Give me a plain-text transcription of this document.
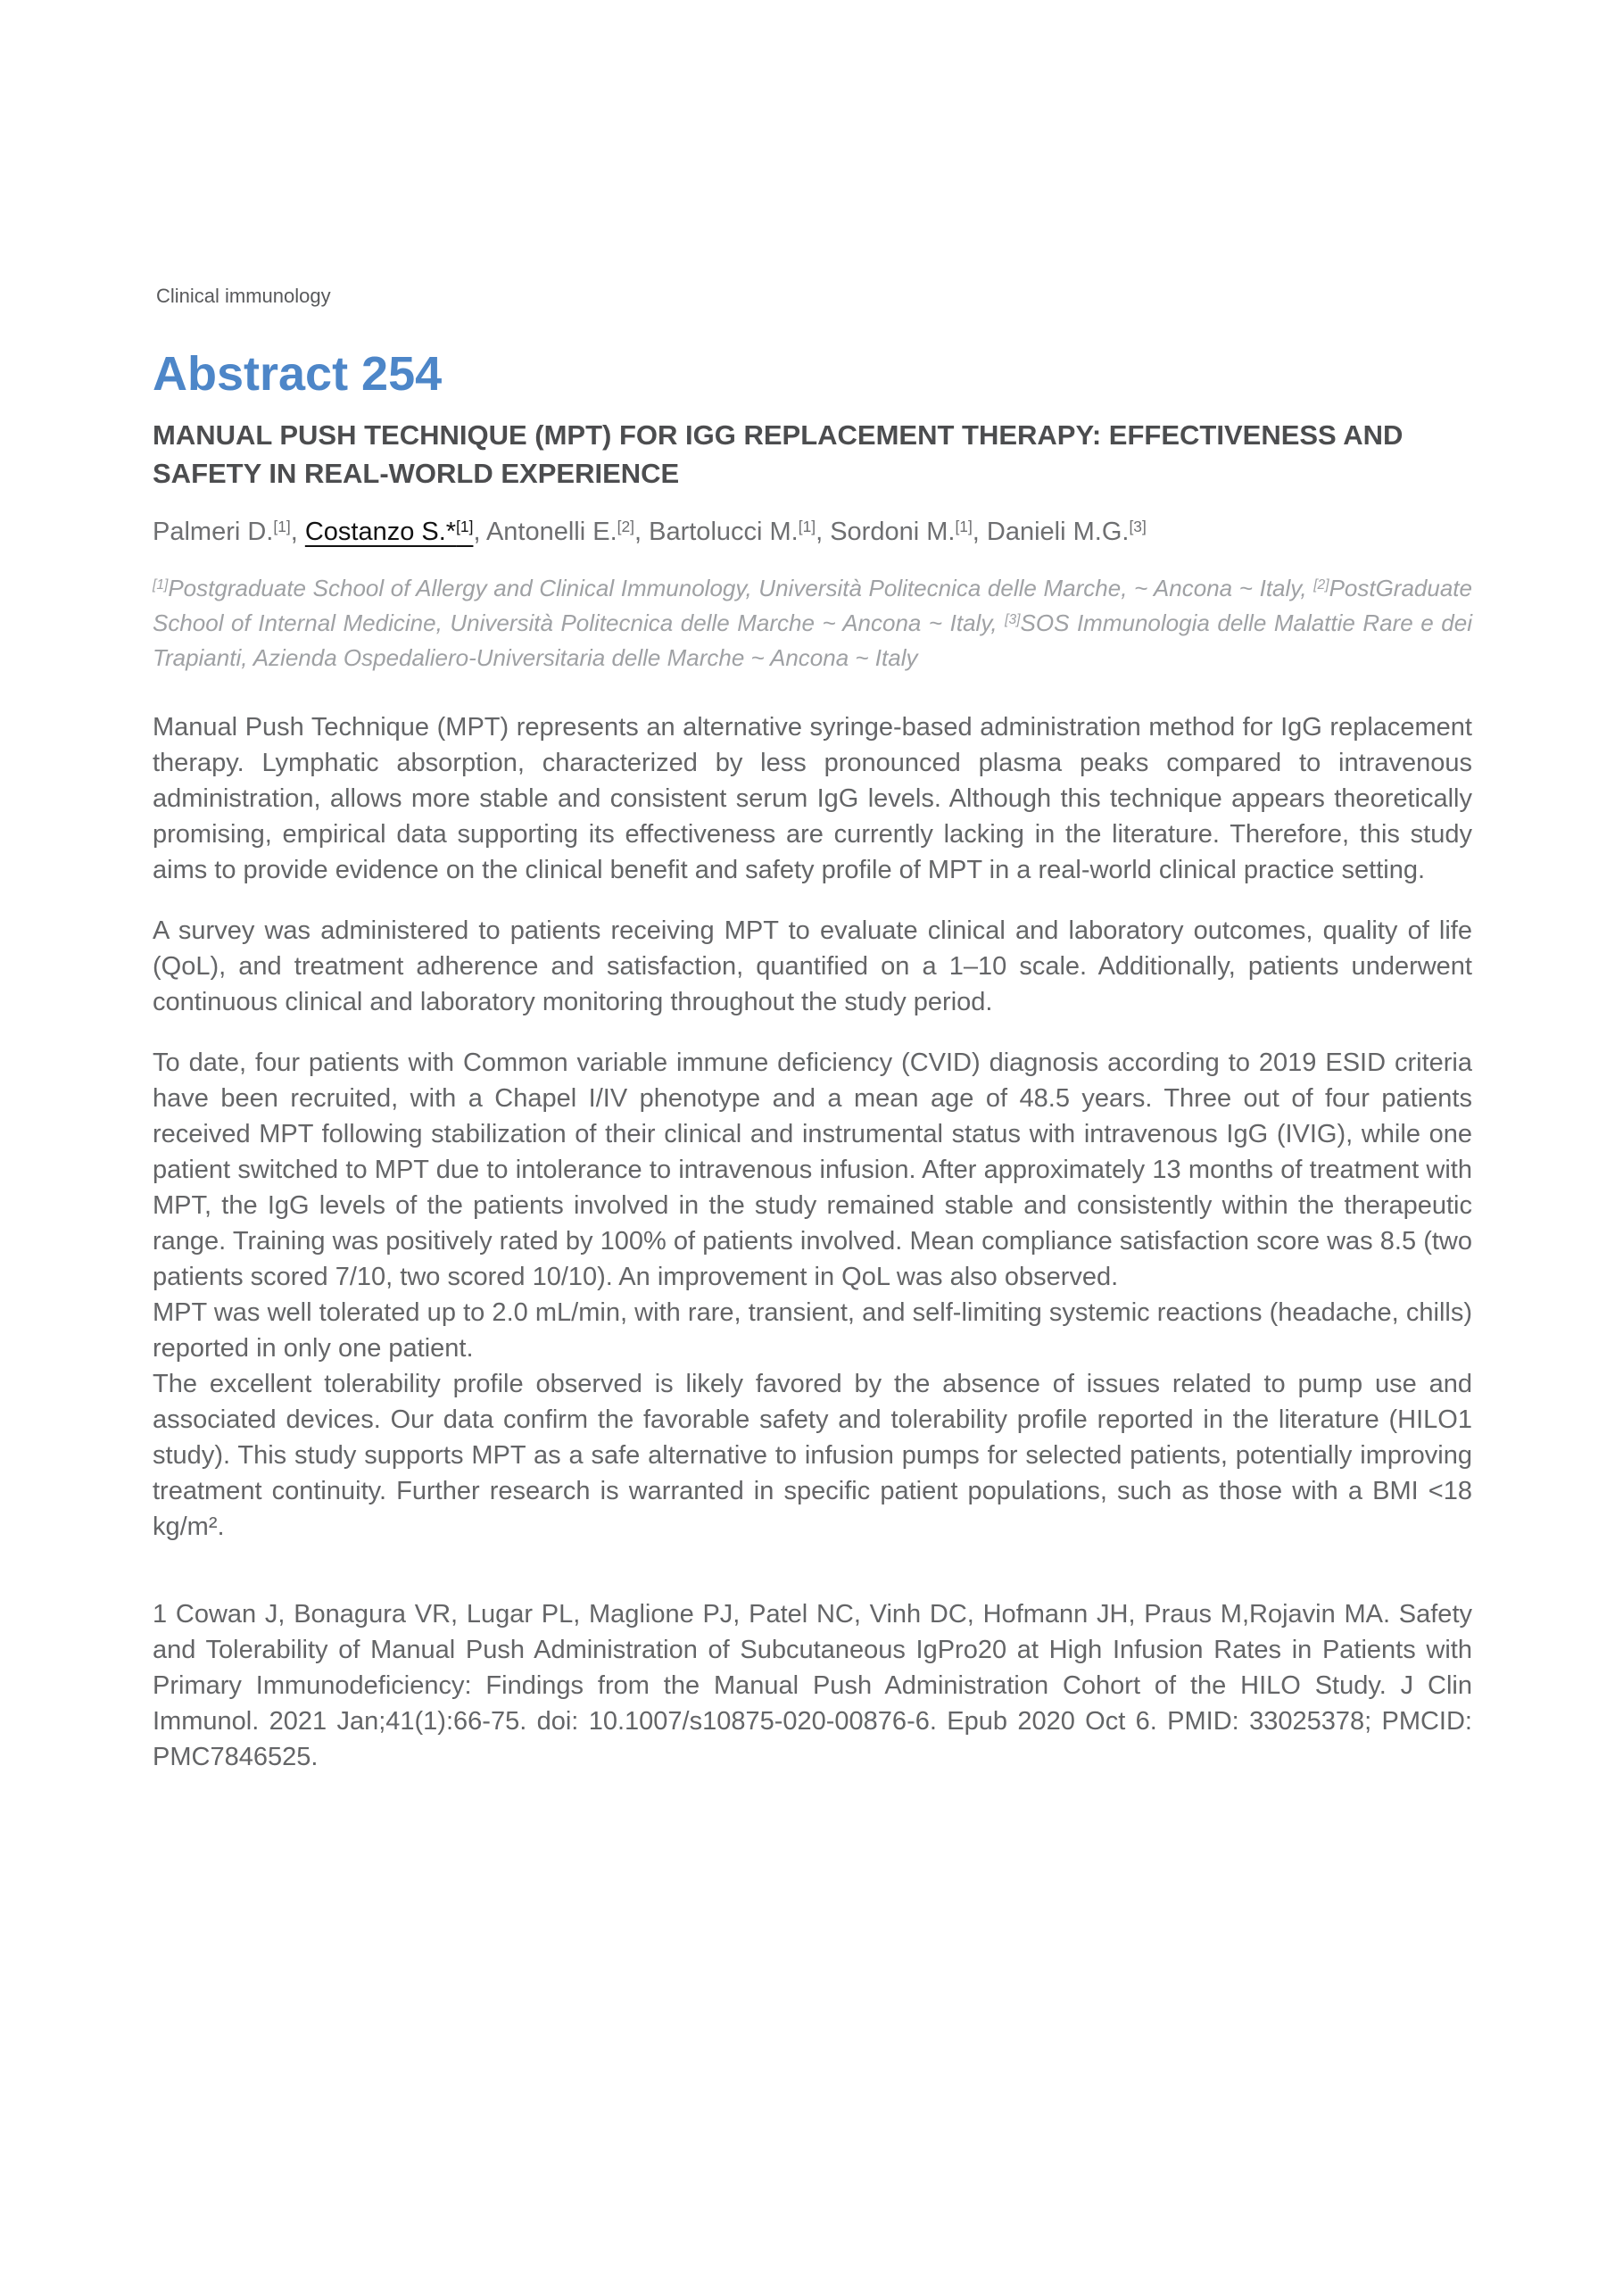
Clinical immunology
Abstract 254
MANUAL PUSH TECHNIQUE (MPT) FOR IGG REPLACEMENT THERAPY: EFFECTIVENESS AND SAFETY IN REAL-WORLD EXPERIENCE
Palmeri D.[1], Costanzo S.*[1], Antonelli E.[2], Bartolucci M.[1], Sordoni M.[1], Danieli M.G.[3]

[1]Postgraduate School of Allergy and Clinical Immunology, Università Politecnica delle Marche, ~ Ancona ~ Italy, [2]PostGraduate School of Internal Medicine, Università Politecnica delle Marche ~ Ancona ~ Italy, [3]SOS Immunologia delle Malattie Rare e dei Trapianti, Azienda Ospedaliero-Universitaria delle Marche ~ Ancona ~ Italy

Manual Push Technique (MPT) represents an alternative syringe-based administration method for IgG replacement therapy. Lymphatic absorption, characterized by less pronounced plasma peaks compared to intravenous administration, allows more stable and consistent serum IgG levels. Although this technique appears theoretically promising, empirical data supporting its effectiveness are currently lacking in the literature. Therefore, this study aims to provide evidence on the clinical benefit and safety profile of MPT in a real-world clinical practice setting.

A survey was administered to patients receiving MPT to evaluate clinical and laboratory outcomes, quality of life (QoL), and treatment adherence and satisfaction, quantified on a 1–10 scale. Additionally, patients underwent continuous clinical and laboratory monitoring throughout the study period.

To date, four patients with Common variable immune deficiency (CVID) diagnosis according to 2019 ESID criteria have been recruited, with a Chapel I/IV phenotype and a mean age of 48.5 years. Three out of four patients received MPT following stabilization of their clinical and instrumental status with intravenous IgG (IVIG), while one patient switched to MPT due to intolerance to intravenous infusion. After approximately 13 months of treatment with MPT, the IgG levels of the patients involved in the study remained stable and consistently within the therapeutic range. Training was positively rated by 100% of patients involved. Mean compliance satisfaction score was 8.5 (two patients scored 7/10, two scored 10/10). An improvement in QoL was also observed.

MPT was well tolerated up to 2.0 mL/min, with rare, transient, and self-limiting systemic reactions (headache, chills) reported in only one patient.

The excellent tolerability profile observed is likely favored by the absence of issues related to pump use and associated devices. Our data confirm the favorable safety and tolerability profile reported in the literature (HILO1 study). This study supports MPT as a safe alternative to infusion pumps for selected patients, potentially improving treatment continuity. Further research is warranted in specific patient populations, such as those with a BMI <18 kg/m².

1 Cowan J, Bonagura VR, Lugar PL, Maglione PJ, Patel NC, Vinh DC, Hofmann JH, Praus M,Rojavin MA. Safety and Tolerability of Manual Push Administration of Subcutaneous IgPro20 at High Infusion Rates in Patients with Primary Immunodeficiency: Findings from the Manual Push Administration Cohort of the HILO Study. J Clin Immunol. 2021 Jan;41(1):66-75. doi: 10.1007/s10875-020-00876-6. Epub 2020 Oct 6. PMID: 33025378; PMCID: PMC7846525.
